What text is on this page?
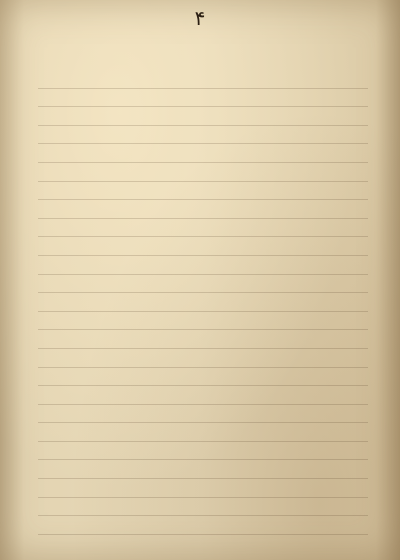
۴
